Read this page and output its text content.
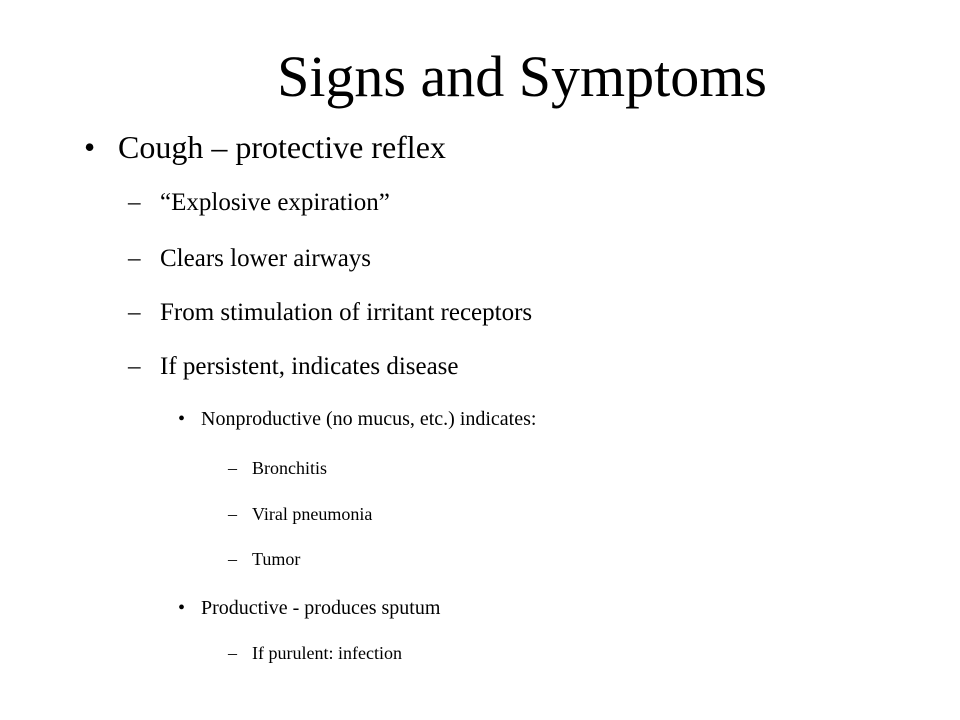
Signs and Symptoms
• Cough – protective reflex
– “Explosive expiration”
– Clears lower airways
– From stimulation of irritant receptors
– If persistent, indicates disease
• Nonproductive (no mucus, etc.) indicates:
– Bronchitis
– Viral pneumonia
– Tumor
• Productive - produces sputum
– If purulent: infection
